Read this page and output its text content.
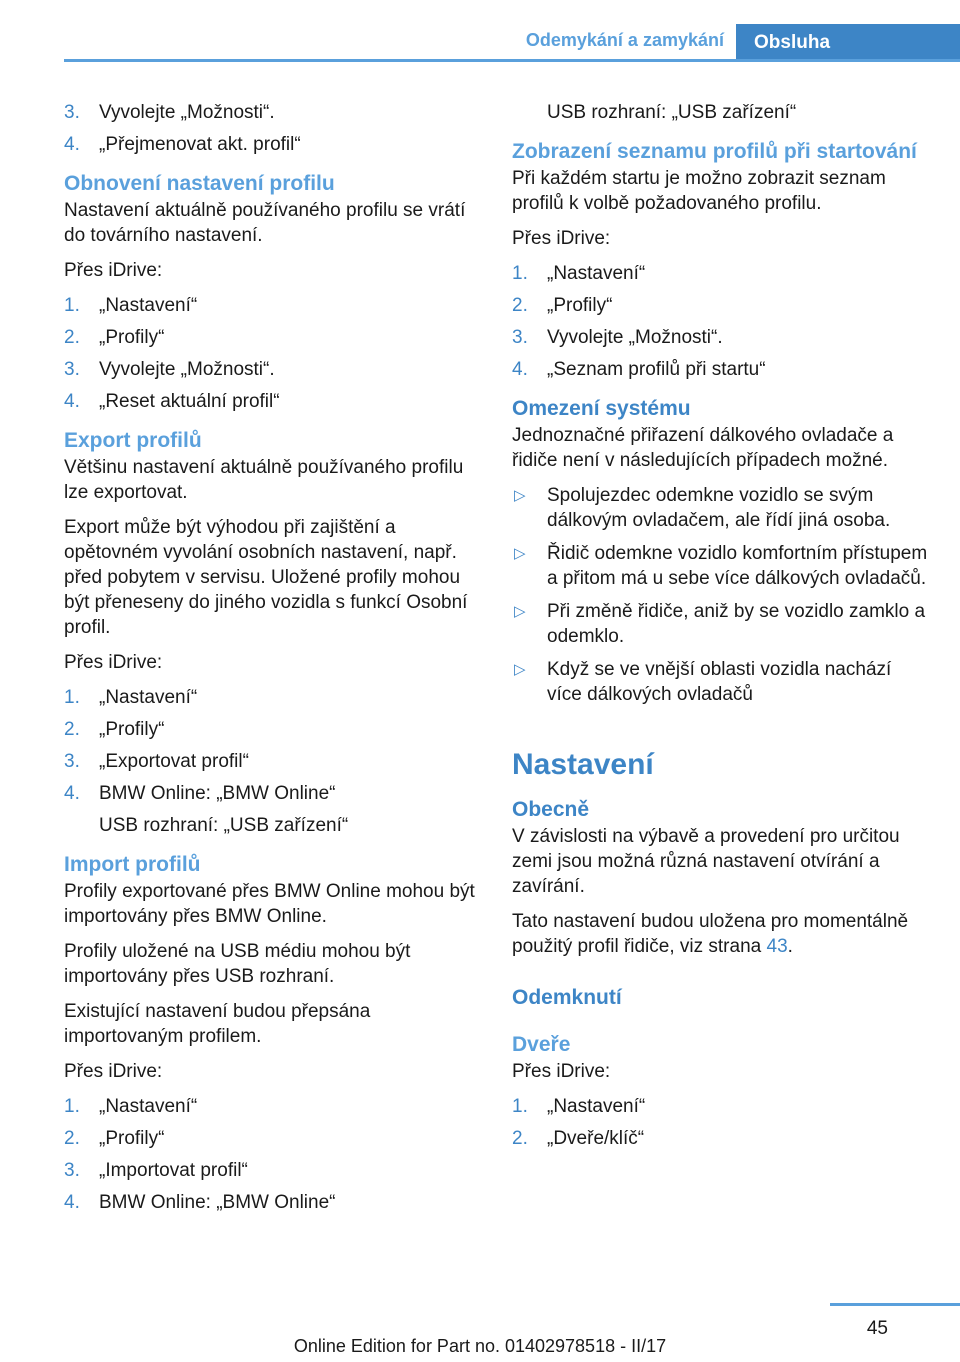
Odemykání a zamykání	Obsluha
3. Vyvolejte „Možnosti“.
4. „Přejmenovat akt. profil“
Obnovení nastavení profilu

Nastavení aktuálně používaného profilu se vrátí do továrního nastavení.

Přes iDrive:

1. „Nastavení“
2. „Profily“
3. Vyvolejte „Možnosti“.
4. „Reset aktuální profil“
Export profilů

Většinu nastavení aktuálně používaného profilu lze exportovat.

Export může být výhodou při zajištění a opětovném vyvolání osobních nastavení, např. před pobytem v servisu. Uložené profily mohou být přeneseny do jiného vozidla s funkcí Osobní profil.

Přes iDrive:

1. „Nastavení“
2. „Profily“
3. „Exportovat profil“
4. BMW Online: „BMW Online“
USB rozhraní: „USB zařízení“
Import profilů

Profily exportované přes BMW Online mohou být importovány přes BMW Online.

Profily uložené na USB médiu mohou být importovány přes USB rozhraní.

Existující nastavení budou přepsána importovaným profilem.

Přes iDrive:

1. „Nastavení“
2. „Profily“
3. „Importovat profil“
4. BMW Online: „BMW Online“
USB rozhraní: „USB zařízení“
Zobrazení seznamu profilů při startování

Při každém startu je možno zobrazit seznam profilů k volbě požadovaného profilu.

Přes iDrive:

1. „Nastavení“
2. „Profily“
3. Vyvolejte „Možnosti“.
4. „Seznam profilů při startu“
Omezení systému

Jednoznačné přiřazení dálkového ovladače a řidiče není v následujících případech možné.

▷ Spolujezdec odemkne vozidlo se svým dálkovým ovladačem, ale řídí jiná osoba.
▷ Řidič odemkne vozidlo komfortním přístupem a přitom má u sebe více dálkových ovladačů.
▷ Při změně řidiče, aniž by se vozidlo zamklo a odemklo.
▷ Když se ve vnější oblasti vozidla nachází více dálkových ovladačů
Nastavení
Obecně

V závislosti na výbavě a provedení pro určitou zemi jsou možná různá nastavení otvírání a zavírání.

Tato nastavení budou uložena pro momentálně použitý profil řidiče, viz strana 43.

Odemknutí
Dveře

Přes iDrive:

1. „Nastavení“
2. „Dveře/klíč“
45
Online Edition for Part no. 01402978518 - II/17
